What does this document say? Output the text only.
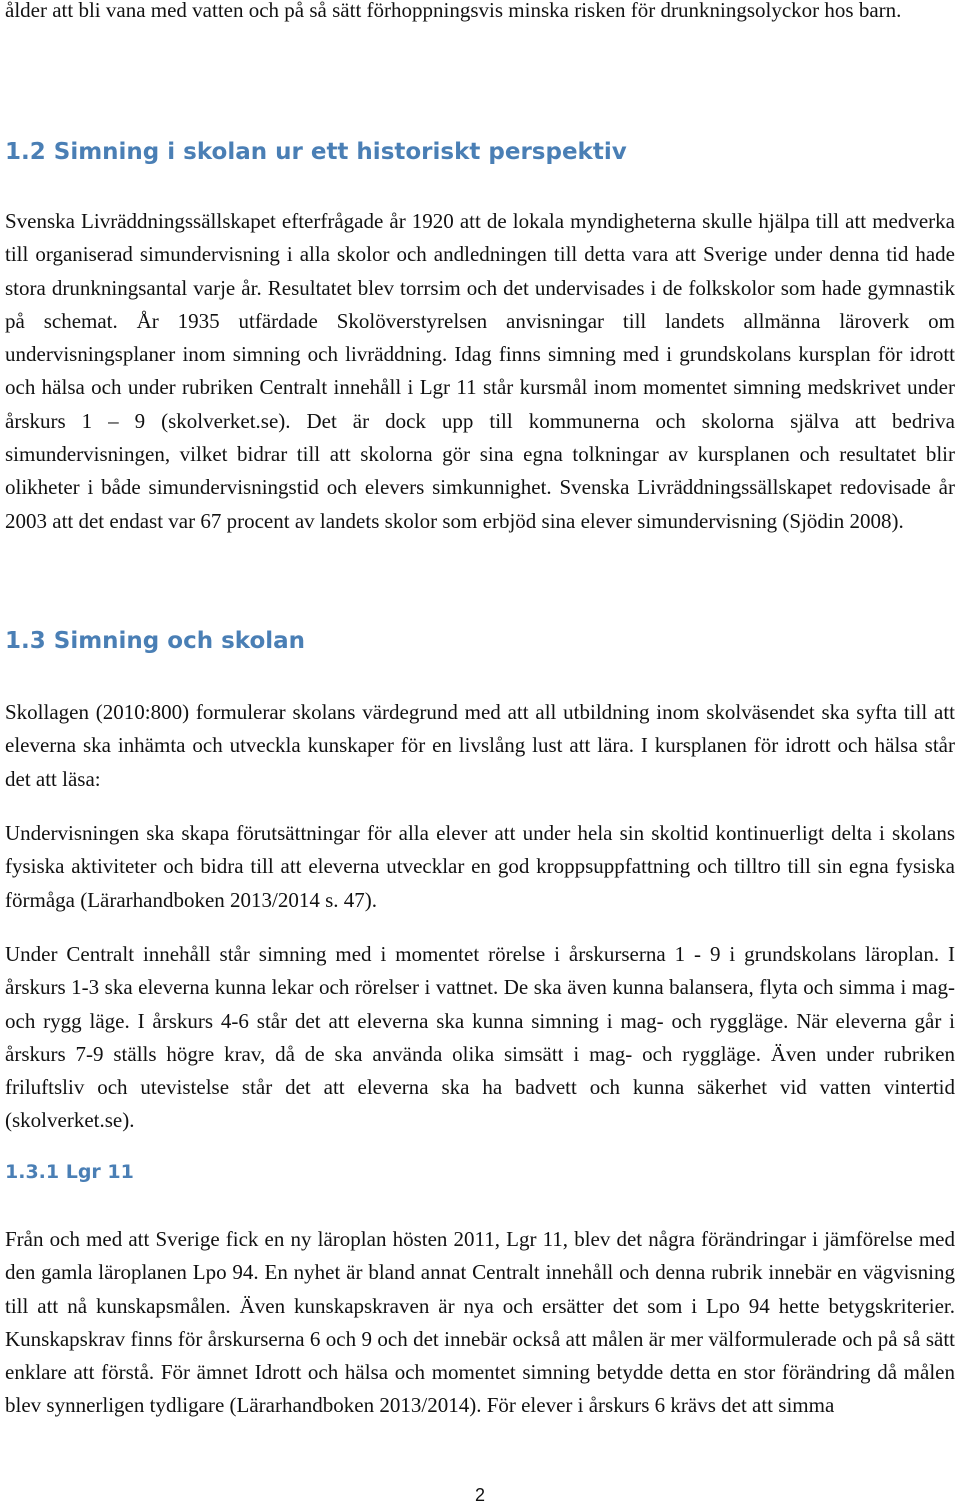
ålder att bli vana med vatten och på så sätt förhoppningsvis minska risken för drunkningsolyckor hos barn.

1.2 Simning i skolan ur ett historiskt perspektiv

Svenska Livräddningssällskapet efterfrågade år 1920 att de lokala myndigheterna skulle hjälpa till att medverka till organiserad simundervisning i alla skolor och andledningen till detta vara att Sverige under denna tid hade stora drunkningsantal varje år. Resultatet blev torrsim och det undervisades i de folkskolor som hade gymnastik på schemat. År 1935 utfärdade Skolöverstyrelsen anvisningar till landets allmänna läroverk om undervisningsplaner inom simning och livräddning. Idag finns simning med i grundskolans kursplan för idrott och hälsa och under rubriken Centralt innehåll i Lgr 11 står kursmål inom momentet simning medskrivet under årskurs 1 – 9 (skolverket.se). Det är dock upp till kommunerna och skolorna själva att bedriva simundervisningen, vilket bidrar till att skolorna gör sina egna tolkningar av kursplanen och resultatet blir olikheter i både simundervisningstid och elevers simkunnighet. Svenska Livräddningssällskapet redovisade år 2003 att det endast var 67 procent av landets skolor som erbjöd sina elever simundervisning (Sjödin 2008).

1.3 Simning och skolan

Skollagen (2010:800) formulerar skolans värdegrund med att all utbildning inom skolväsendet ska syfta till att eleverna ska inhämta och utveckla kunskaper för en livslång lust att lära. I kursplanen för idrott och hälsa står det att läsa:

Undervisningen ska skapa förutsättningar för alla elever att under hela sin skoltid kontinuerligt delta i skolans fysiska aktiviteter och bidra till att eleverna utvecklar en god kroppsuppfattning och tilltro till sin egna fysiska förmåga (Lärarhandboken 2013/2014 s. 47).

Under Centralt innehåll står simning med i momentet rörelse i årskurserna 1 - 9 i grundskolans läroplan. I årskurs 1-3 ska eleverna kunna lekar och rörelser i vattnet. De ska även kunna balansera, flyta och simma i mag- och rygg läge. I årskurs 4-6 står det att eleverna ska kunna simning i mag- och ryggläge. När eleverna går i årskurs 7-9 ställs högre krav, då de ska använda olika simsätt i mag- och ryggläge. Även under rubriken friluftsliv och utevistelse står det att eleverna ska ha badvett och kunna säkerhet vid vatten vintertid (skolverket.se).

1.3.1 Lgr 11

Från och med att Sverige fick en ny läroplan hösten 2011, Lgr 11, blev det några förändringar i jämförelse med den gamla läroplanen Lpo 94. En nyhet är bland annat Centralt innehåll och denna rubrik innebär en vägvisning till att nå kunskapsmålen. Även kunskapskraven är nya och ersätter det som i Lpo 94 hette betygskriterier. Kunskapskrav finns för årskurserna 6 och 9 och det innebär också att målen är mer välformulerade och på så sätt enklare att förstå. För ämnet Idrott och hälsa och momentet simning betydde detta en stor förändring då målen blev synnerligen tydligare (Lärarhandboken 2013/2014). För elever i årskurs 6 krävs det att simma

2
